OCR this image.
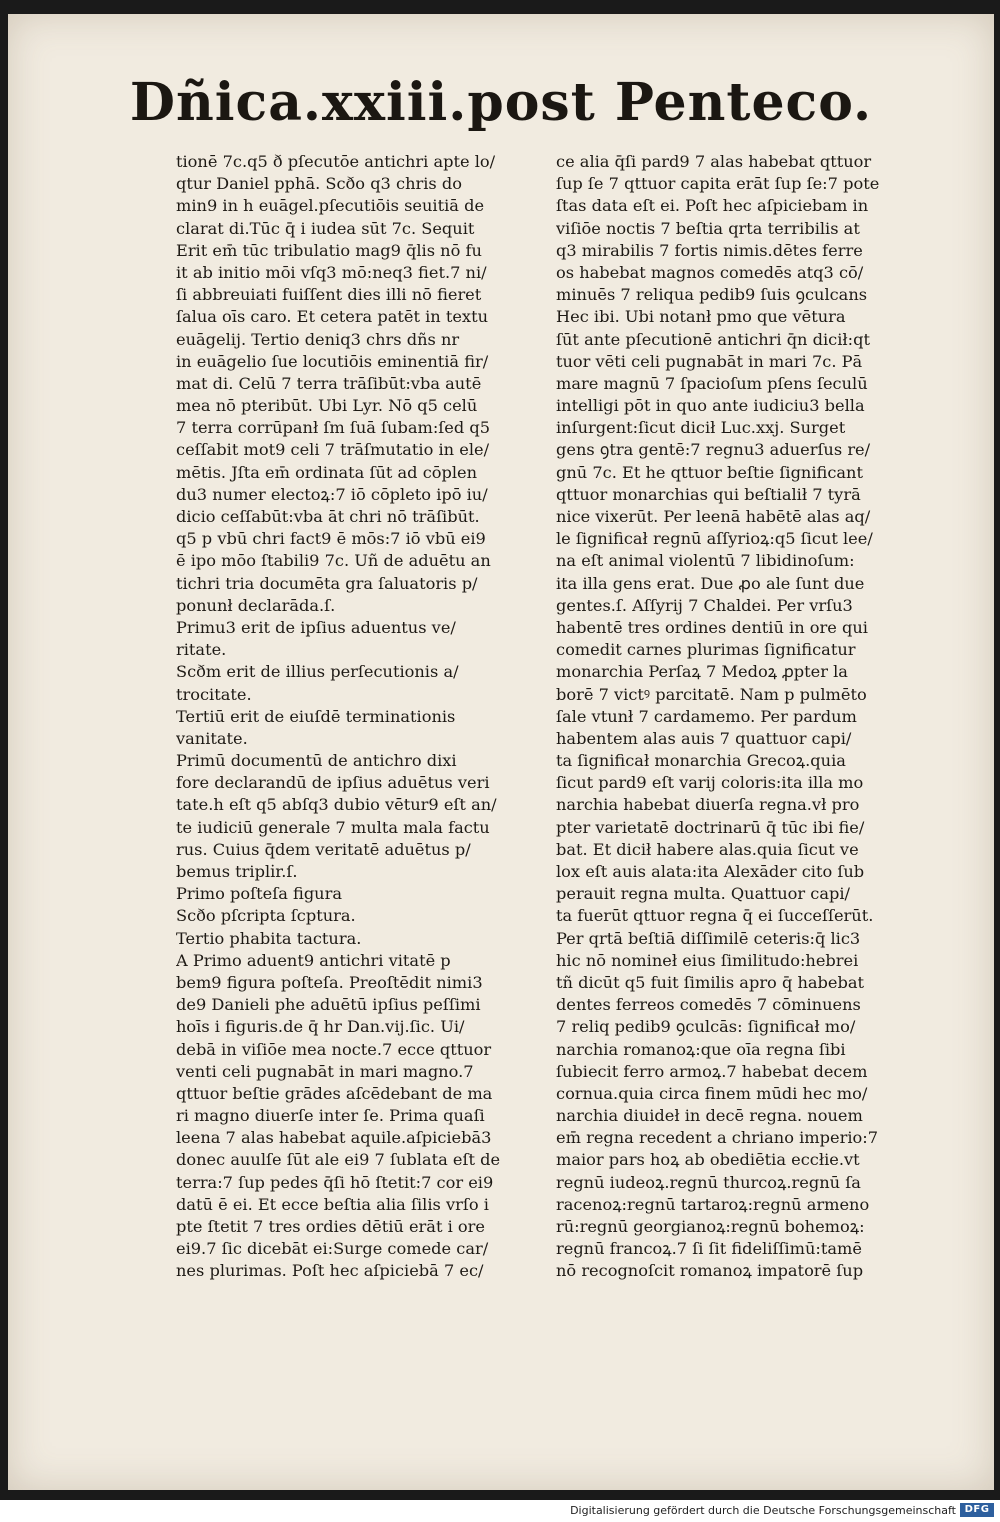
Dñica.xxiii.post Penteco.
tionē 7c.q5 ð pſecutōe antichri apte lo/
qtur Daniel pphā. Scðo q3 chris do
min9 in h euāgel.pſecutiōis seuitiā de
clarat di.Tūc q̄ i iudea sūt 7c. Sequit
Erit em̄ tūc tribulatio mag9 q̄lis nō fu
it ab initio mōi vſq3 mō:neq3 fiet.7 ni/
ſi abbreuiati fuiſſent dies illi nō fieret
ſalua oīs caro. Et cetera patēt in textu
euāgelij. Tertio deniq3 chrs dñs nr
in euāgelio ſue locutiōis eminentiā fir/
mat di. Celū 7 terra trāſibūt:vba autē
mea nō pteribūt. Ubi Lyr. Nō q5 celū
7 terra corrūpanł ſm ſuā ſubam:ſed q5
ceſſabit mot9 celi 7 trāſmutatio in ele/
mētis. Jſta em̄ ordinata ſūt ad cōplen
du3 numer electoꝝ:7 iō cōpleto ipō iu/
dicio ceſſabūt:vba āt chri nō trāſibūt.
q5 p vbū chri fact9 ē mōs:7 iō vbū ei9
ē ipo mōo ſtabili9 7c. Uñ de aduētu an
tichri tria documēta gra ſaluatoris p/
ponunł declarāda.ſ.
Primu3 erit de ipſius aduentus ve/
ritate.
Scðm erit de illius perſecutionis a/
trocitate.
Tertiū erit de eiuſdē terminationis
vanitate.
Primū documentū de antichro dixi
fore declarandū de ipſius aduētus veri
tate.h eſt q5 abſq3 dubio vētur9 eſt an/
te iudiciū generale 7 multa mala factu
rus. Cuius q̄dem veritatē aduētus p/
bemus tripli̇r.ſ.
Primo poſteſa figura
Scðo pſcripta ſcptura.
Tertio phabita tactura.
A Primo aduent9 antichri vitatē p
bem9 figura poſteſa. Preoſtēdit nimi3
de9 Danieli phe aduētū ipſius peſſimi
hoīs i figuris.de q̄ hr Dan.vij.ſic. Ui/
debā in viſiōe mea nocte.7 ecce qttuor
venti celi pugnabāt in mari magno.7
qttuor beſtie grādes aſcēdebant de ma
ri magno diuerſe inter ſe. Prima quaſi
leena 7 alas habebat aquile.aſpiciebā3
donec auulſe ſūt ale ei9 7 ſublata eſt de
terra:7 ſup pedes q̄ſi hō ſtetit:7 cor ei9
datū ē ei. Et ecce beſtia alia ſilis vrſo i
pte ſtetit 7 tres ordies dētiū erāt i ore
ei9.7 ſic dicebāt ei:Surge comede car/
nes plurimas. Poſt hec aſpiciebā 7 ec/
ce alia q̄ſi pard9 7 alas habebat qttuor
ſup ſe 7 qttuor capita erāt ſup ſe:7 pote
ſtas data eſt ei. Poſt hec aſpiciebam in
viſiōe noctis 7 beſtia qrta terribilis at
q3 mirabilis 7 fortis nimis.dētes ferre
os habebat magnos comedēs atq3 cō/
minuēs 7 reliqua pedib9 ſuis ꝯculcans
Hec ibi. Ubi notanł pmo que vētura
ſūt ante pſecutionē antichri q̄n dicił:qt
tuor vēti celi pugnabāt in mari 7c. Pā
mare magnū 7 ſpacioſum pſens ſeculū
intelligi pōt in quo ante iudiciu3 bella
inſurgent:ſicut dicił Luc.xxj. Surget
gens ꝯtra gentē:7 regnu3 aduerſus re/
gnū 7c. Et he qttuor beſtie ſignificant
qttuor monarchias qui beſtialił 7 tyrā
nice vixerūt. Per leenā habētē alas aq/
le ſignificał regnū aſſyrioꝝ:q5 ſicut lee/
na eſt animal violentū 7 libidinoſum:
ita illa gens erat. Due ꝓo ale ſunt due
gentes.ſ. Aſſyrij 7 Chaldei. Per vrſu3
habentē tres ordines dentiū in ore qui
comedit carnes plurimas ſignificatur
monarchia Perſaꝝ 7 Medoꝝ ꝓpter la
borē 7 victꝰ parcitatē. Nam p pulmēto
ſale vtunł 7 cardamemo. Per pardum
habentem alas auis 7 quattuor capi/
ta ſignificał monarchia Grecoꝝ.quia
ſicut pard9 eſt varij coloris:ita illa mo
narchia habebat diuerſa regna.vł pro
pter varietatē doctrinarū q̄ tūc ibi fie/
bat. Et dicił habere alas.quia ſicut ve
lox eſt auis alata:ita Alexāder cito ſub
perauit regna multa. Quattuor capi/
ta fuerūt qttuor regna q̄ ei ſucceſſerūt.
Per qrtā beſtiā diſſimilē ceteris:q̄ lic3
hic nō nomineł eius ſimilitudo:hebrei
tñ dicūt q5 fuit ſimilis apro q̄ habebat
dentes ferreos comedēs 7 cōminuens
7 reliq pedib9 ꝯculcās: ſignificał mo/
narchia romanoꝝ:que oīa regna ſibi
ſubiecit ferro armoꝝ.7 habebat decem
cornua.quia circa finem mūdi hec mo/
narchia diuideł in decē regna. nouem
em̄ regna recedent a chriano imperio:7
maior pars hoꝝ ab obediētia eccłie.vt
regnū iudeoꝝ.regnū thurcoꝝ.regnū ſa
racenoꝝ:regnū tartaroꝝ:regnū armeno
rū:regnū georgianoꝝ:regnū bohemoꝝ:
regnū francoꝝ.7 ſi ſit fideliſſimū:tamē
nō recognoſcit romanoꝝ impatorē ſup
Digitalisierung gefördert durch die Deutsche Forschungsgemeinschaft DFG
